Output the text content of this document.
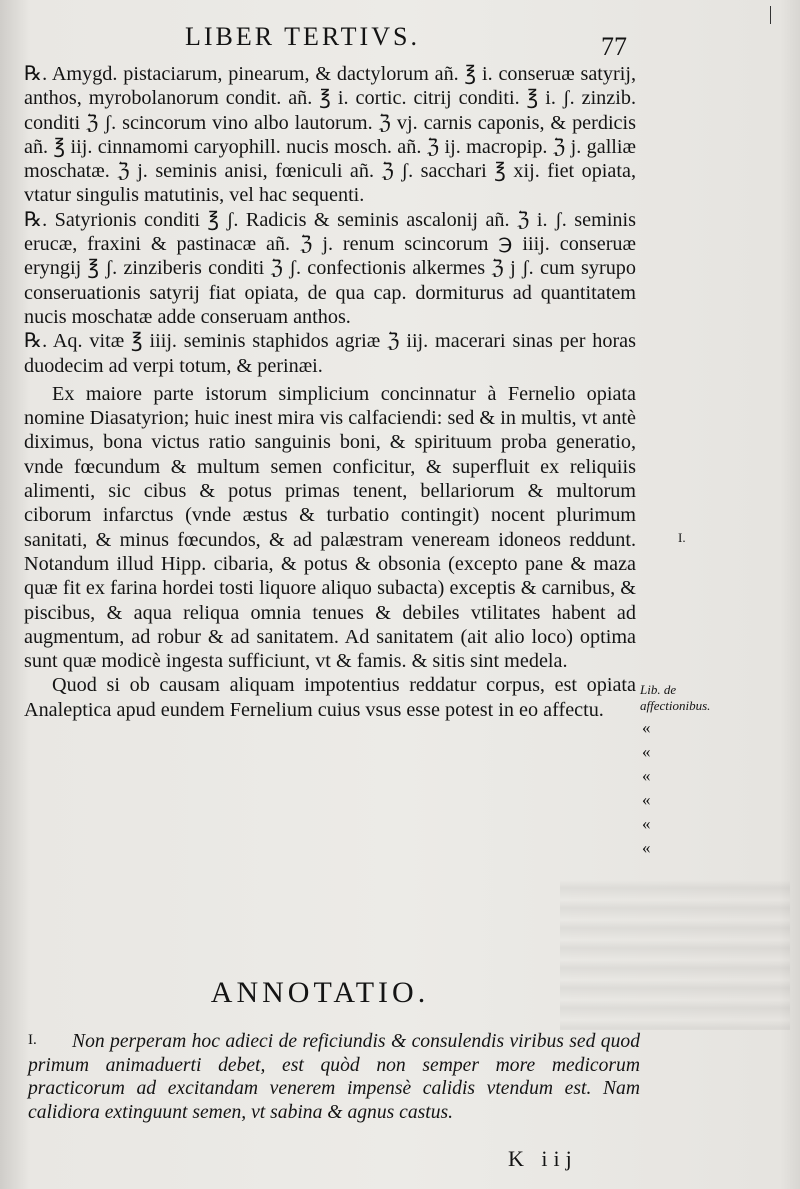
LIBER TERTIVS.	77

℞. Amygd. pistaciarum, pinearum, & dactylorum añ. ℥ i. conseruæ satyrij, anthos, myrobolanorum condit. añ. ℥ i. cortic. citrij conditi. ℥ i. ʃ. zinzib. conditi ℨ ʃ. scincorum vino albo lautorum. ℨ vj. carnis caponis, & perdicis añ. ℥ iij. cinnamomi caryophill. nucis mosch. añ. ℨ ij. macropip. ℨ j. galliæ moschatæ. ℨ j. seminis anisi, fœniculi añ. ℨ ʃ. sacchari ℥ xij. fiet opiata, vtatur singulis matutinis, vel hac sequenti.

℞. Satyrionis conditi ℥ ʃ. Radicis & seminis ascalonij añ. ℨ i. ʃ. seminis erucæ, fraxini & pastinacæ añ. ℨ j. renum scincorum ℈ iiij. conseruæ eryngij ℥ ʃ. zinziberis conditi ℨ ʃ. confectionis alkermes ℨ j ʃ. cum syrupo conseruationis satyrij fiat opiata, de qua cap. dormiturus ad quantitatem nucis moschatæ adde conseruam anthos.

℞. Aq. vitæ ℥ iiij. seminis staphidos agriæ ℨ iij. macerari sinas per horas duodecim ad verpi totum, & perinæi.

Ex maiore parte istorum simplicium concinnatur à Fernelio opiata nomine Diasatyrion; huic inest mira vis calfaciendi: sed & in multis, vt antè diximus, bona victus ratio sanguinis boni, & spirituum proba generatio, vnde fœcundum & multum semen conficitur, & superfluit ex reliquiis alimenti, sic cibus & potus primas tenent, bellariorum & multorum ciborum infarctus (vnde æstus & turbatio contingit) nocent plurimum sanitati, & minus fœcundos, & ad palæstram veneream idoneos reddunt. Notandum illud Hipp. cibaria, & potus & obsonia (excepto pane & maza quæ fit ex farina hordei tosti liquore aliquo subacta) exceptis & carnibus, & piscibus, & aqua reliqua omnia tenues & debiles vtilitates habent ad augmentum, ad robur & ad sanitatem. Ad sanitatem (ait alio loco) optima sunt quæ modicè ingesta sufficiunt, vt & famis. & sitis sint medela.

Quod si ob causam aliquam impotentius reddatur corpus, est opiata Analeptica apud eundem Fernelium cuius vsus esse potest in eo affectu.

I.
Lib. de affectionibus.
«
«
«
«
«
«
ANNOTATIO.
I.	Non perperam hoc adieci de reficiundis & consulendis viribus sed quod primum animaduerti debet, est quòd non semper more medicorum practicorum ad excitandam venerem impensè calidis vtendum est. Nam calidiora extinguunt semen, vt sabina & agnus castus.
K iij
